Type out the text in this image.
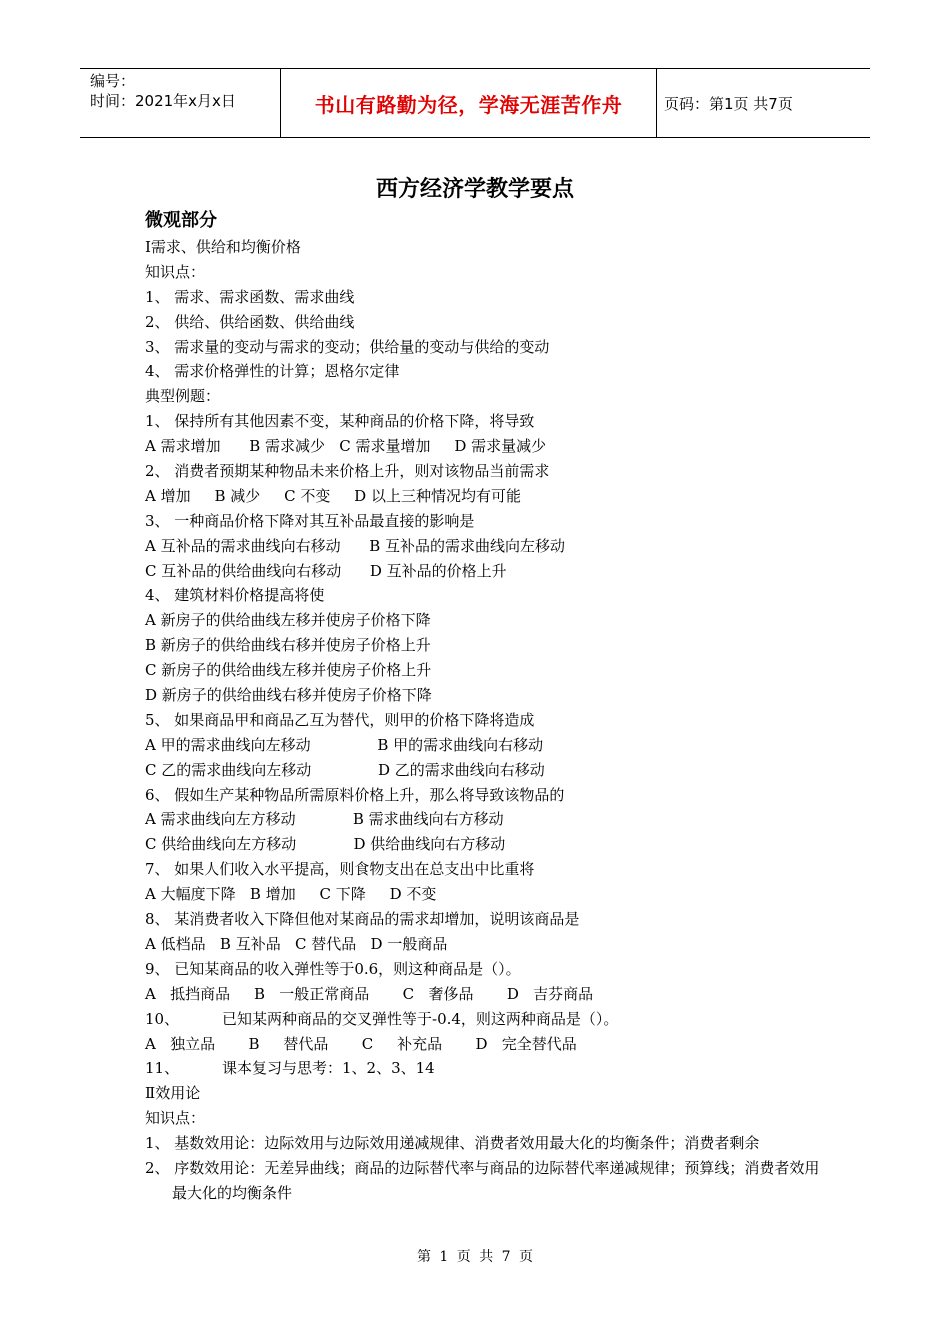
编号：
时间：2021年x月x日	书山有路勤为径，学海无涯苦作舟	页码：第1页 共7页
西方经济学教学要点
微观部分
Ⅰ需求、供给和均衡价格
知识点：
1、 需求、需求函数、需求曲线
2、 供给、供给函数、供给曲线
3、 需求量的变动与需求的变动；供给量的变动与供给的变动
4、 需求价格弹性的计算；恩格尔定律
典型例题：
1、 保持所有其他因素不变，某种商品的价格下降，将导致
A 需求增加      B 需求减少   C 需求量增加     D 需求量减少
2、 消费者预期某种物品未来价格上升，则对该物品当前需求
A 增加     B 减少     C 不变     D 以上三种情况均有可能
3、 一种商品价格下降对其互补品最直接的影响是
A 互补品的需求曲线向右移动      B 互补品的需求曲线向左移动
C 互补品的供给曲线向右移动      D 互补品的价格上升
4、 建筑材料价格提高将使
A 新房子的供给曲线左移并使房子价格下降
B 新房子的供给曲线右移并使房子价格上升
C 新房子的供给曲线左移并使房子价格上升
D 新房子的供给曲线右移并使房子价格下降
5、 如果商品甲和商品乙互为替代，则甲的价格下降将造成
A 甲的需求曲线向左移动              B 甲的需求曲线向右移动
C 乙的需求曲线向左移动              D 乙的需求曲线向右移动
6、 假如生产某种物品所需原料价格上升，那么将导致该物品的
A 需求曲线向左方移动            B 需求曲线向右方移动
C 供给曲线向左方移动            D 供给曲线向右方移动
7、 如果人们收入水平提高，则食物支出在总支出中比重将
A 大幅度下降   B 增加     C 下降     D 不变
8、 某消费者收入下降但他对某商品的需求却增加，说明该商品是
A 低档品   B 互补品   C 替代品   D 一般商品
9、 已知某商品的收入弹性等于0.6，则这种商品是（）。
A   抵挡商品     B   一般正常商品       C   奢侈品       D   吉芬商品
10、         已知某两种商品的交叉弹性等于-0.4，则这两种商品是（）。
A   独立品       B     替代品       C     补充品       D   完全替代品
11、         课本复习与思考：1、2、3、14
Ⅱ效用论
知识点：
1、 基数效用论：边际效用与边际效用递减规律、消费者效用最大化的均衡条件；消费者剩余
2、 序数效用论：无差异曲线；商品的边际替代率与商品的边际替代率递减规律；预算线；消费者效用最大化的均衡条件
第 1 页 共 7 页
